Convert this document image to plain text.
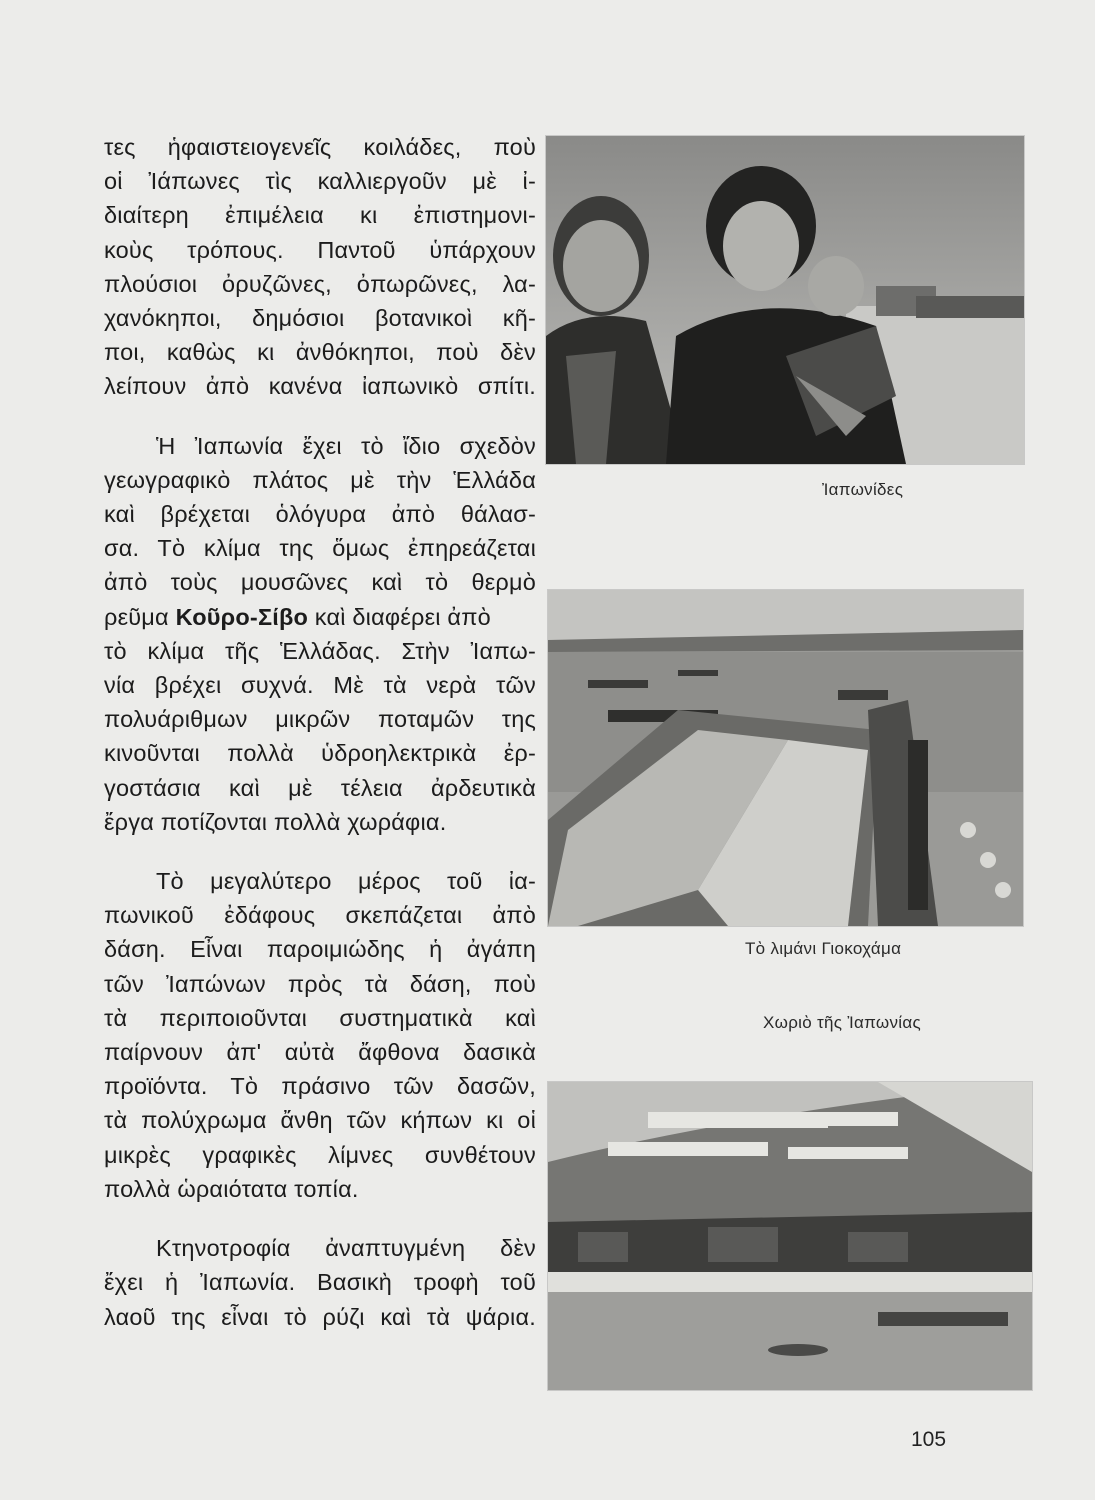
τες ἡφαιστειογενεῖς κοιλάδες, ποὺ
οἱ Ἰάπωνες τὶς καλλιεργοῦν μὲ ἰ-
διαίτερη ἐπιμέλεια κι ἐπιστημονι-
κοὺς τρόπους. Παντοῦ ὑπάρχουν
πλούσιοι ὀρυζῶνες, ὀπωρῶνες, λα-
χανόκηποι, δημόσιοι βοτανικοὶ κῆ-
ποι, καθὼς κι ἀνθόκηποι, ποὺ δὲν
λείπουν ἀπὸ κανένα ἰαπωνικὸ σπίτι.
Ἡ Ἰαπωνία ἔχει τὸ ἴδιο σχεδὸν
γεωγραφικὸ πλάτος μὲ τὴν Ἑλλάδα
καὶ βρέχεται ὁλόγυρα ἀπὸ θάλασ-
σα. Τὸ κλίμα της ὅμως ἐπηρεάζεται
ἀπὸ τοὺς μουσῶνες καὶ τὸ θερμὸ
ρεῦμα Κοῦρο-Σίβο καὶ διαφέρει ἀπὸ
τὸ κλίμα τῆς Ἑλλάδας. Στὴν Ἰαπω-
νία βρέχει συχνά. Μὲ τὰ νερὰ τῶν
πολυάριθμων μικρῶν ποταμῶν της
κινοῦνται πολλὰ ὑδροηλεκτρικὰ ἐρ-
γοστάσια καὶ μὲ τέλεια ἀρδευτικὰ
ἔργα ποτίζονται πολλὰ χωράφια.
Τὸ μεγαλύτερο μέρος τοῦ ἰα-
πωνικοῦ ἐδάφους σκεπάζεται ἀπὸ
δάση. Εἶναι παροιμιώδης ἡ ἀγάπη
τῶν Ἰαπώνων πρὸς τὰ δάση, ποὺ
τὰ περιποιοῦνται συστηματικὰ καὶ
παίρνουν ἀπ' αὐτὰ ἄφθονα δασικὰ
προϊόντα. Τὸ πράσινο τῶν δασῶν,
τὰ πολύχρωμα ἄνθη τῶν κήπων κι οἱ
μικρὲς γραφικὲς λίμνες συνθέτουν
πολλὰ ὡραιότατα τοπία.
Κτηνοτροφία ἀναπτυγμένη δὲν
ἔχει ἡ Ἰαπωνία. Βασικὴ τροφὴ τοῦ
λαοῦ της εἶναι τὸ ρύζι καὶ τὰ ψάρια.
Ἰαπωνίδες
Τὸ λιμάνι Γιοκοχάμα
Χωριὸ τῆς Ἰαπωνίας
105
